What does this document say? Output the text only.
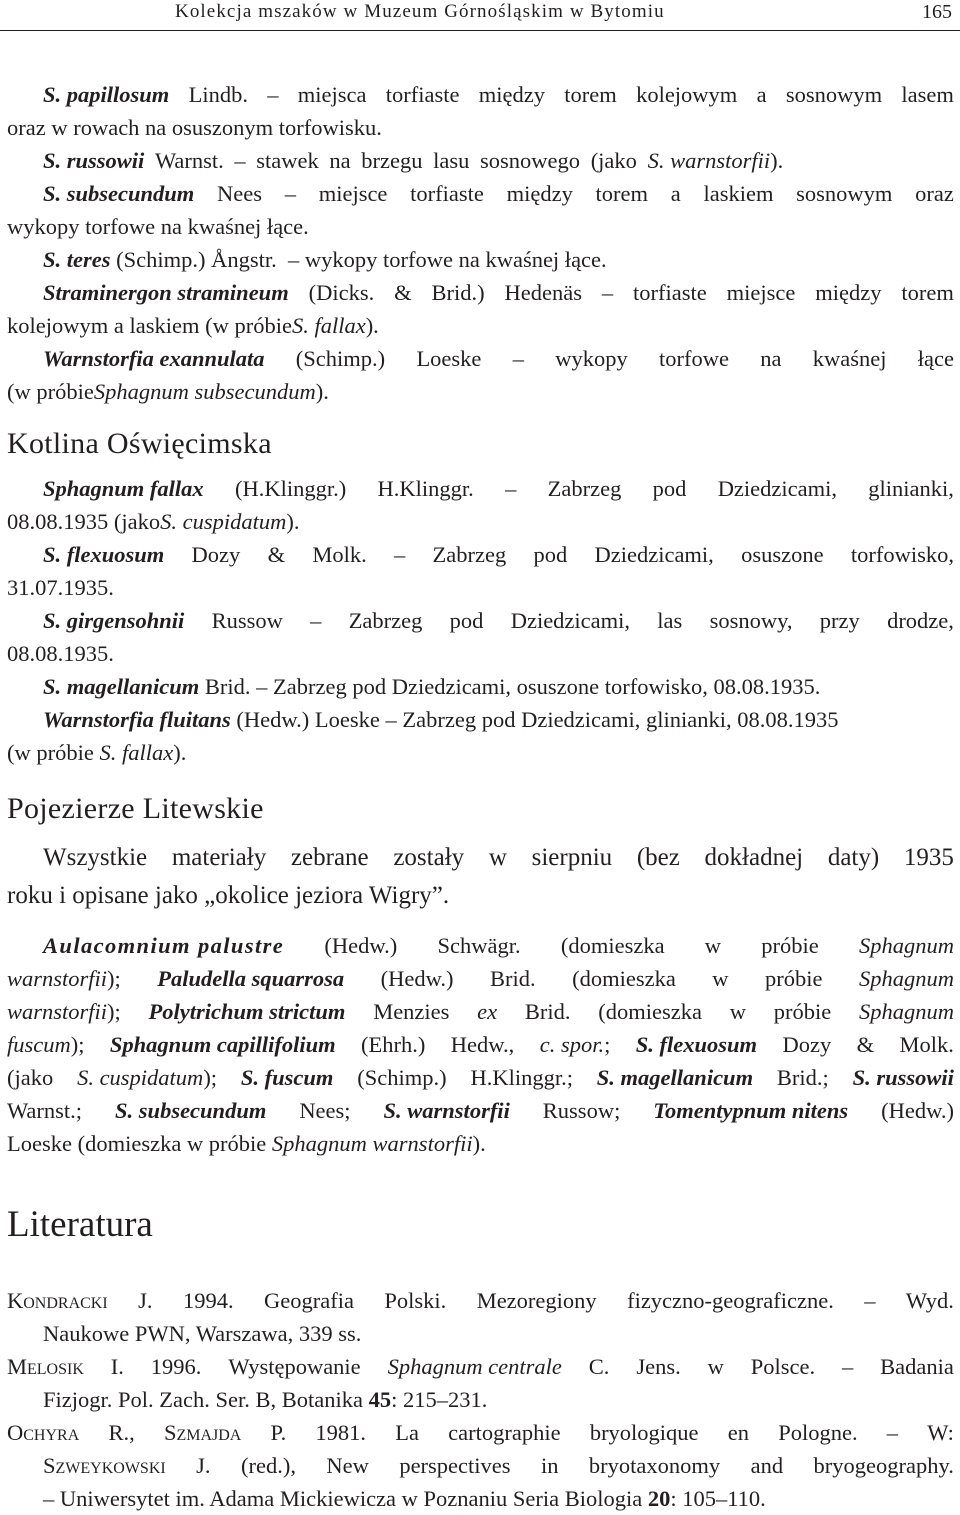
Kolekcja mszaków w Muzeum Górnośląskim w Bytomiu	165
S. papillosum Lindb. – miejsca torfiaste między torem kolejowym a sosnowym lasem
oraz w rowach na osuszonym torfowisku.
S. russowii Warnst. – stawek na brzegu lasu sosnowego (jako S. warnstorfii).
S. subsecundum Nees – miejsce torfiaste między torem a laskiem sosnowym oraz
wykopy torfowe na kwaśnej łące.
S. teres
(Schimp.) Ångstr.
– wykopy torfowe na kwaśnej łące.
Straminergon stramineum (Dicks. & Brid.) Hedenäs – torfiaste miejsce między torem
kolejowym a laskiem (w próbie S. fallax ).
Warnstorfia exannulata (Schimp.) Loeske – wykopy torfowe na kwaśnej łące
(w próbie Sphagnum subsecundum ).
Kotlina Oświęcimska
Sphagnum fallax (H.Klinggr.) H.Klinggr. – Zabrzeg pod Dziedzicami, glinianki,
08.08.1935 (jako S. cuspidatum ).
S. flexuosum Dozy & Molk. – Zabrzeg pod Dziedzicami, osuszone torfowisko,
31.07.1935.
S. girgensohnii Russow – Zabrzeg pod Dziedzicami, las sosnowy, przy drodze,
08.08.1935.
S. magellanicum Brid. – Zabrzeg pod Dziedzicami, osuszone torfowisko, 08.08.1935.
Warnstorfia fluitans (Hedw.) Loeske – Zabrzeg pod Dziedzicami, glinianki, 08.08.1935
(w próbie S. fallax ).
Pojezierze Litewskie
Wszystkie materiały zebrane zostały w sierpniu (bez dokładnej daty) 1935
roku i opisane jako „okolice jeziora Wigry”.
Aulacomnium palustre (Hedw.) Schwägr. (domieszka w próbie Sphagnum
warnstorfii); Paludella squarrosa (Hedw.) Brid. (domieszka w próbie Sphagnum
warnstorfii); Polytrichum strictum Menzies ex Brid. (domieszka w próbie Sphagnum
fuscum); Sphagnum capillifolium (Ehrh.) Hedw., c. spor.; S. flexuosum Dozy & Molk.
(jako S. cuspidatum); S. fuscum (Schimp.) H.Klinggr.; S. magellanicum Brid.; S. russowii
Warnst.; S. subsecundum Nees; S. warnstorfii Russow; Tomentypnum nitens (Hedw.)
Loeske (domieszka w próbie Sphagnum warnstorfii ).
Literatura
Kondracki J. 1994. Geografia Polski. Mezoregiony fizyczno-geograficzne. – Wyd.
Naukowe PWN, Warszawa, 339 ss.
Melosik I. 1996. Występowanie Sphagnum centrale C. Jens. w Polsce. – Badania
Fizjogr. Pol. Zach. Ser. B, Botanika 45 : 215–231.
Ochyra R., Szmajda P. 1981. La cartographie bryologique en Pologne. – W:
Szweykowski J. (red.), New perspectives in bryotaxonomy and bryogeography.
– Uniwersytet im. Adama Mickiewicza w Poznaniu Seria Biologia 20 : 105–110.
